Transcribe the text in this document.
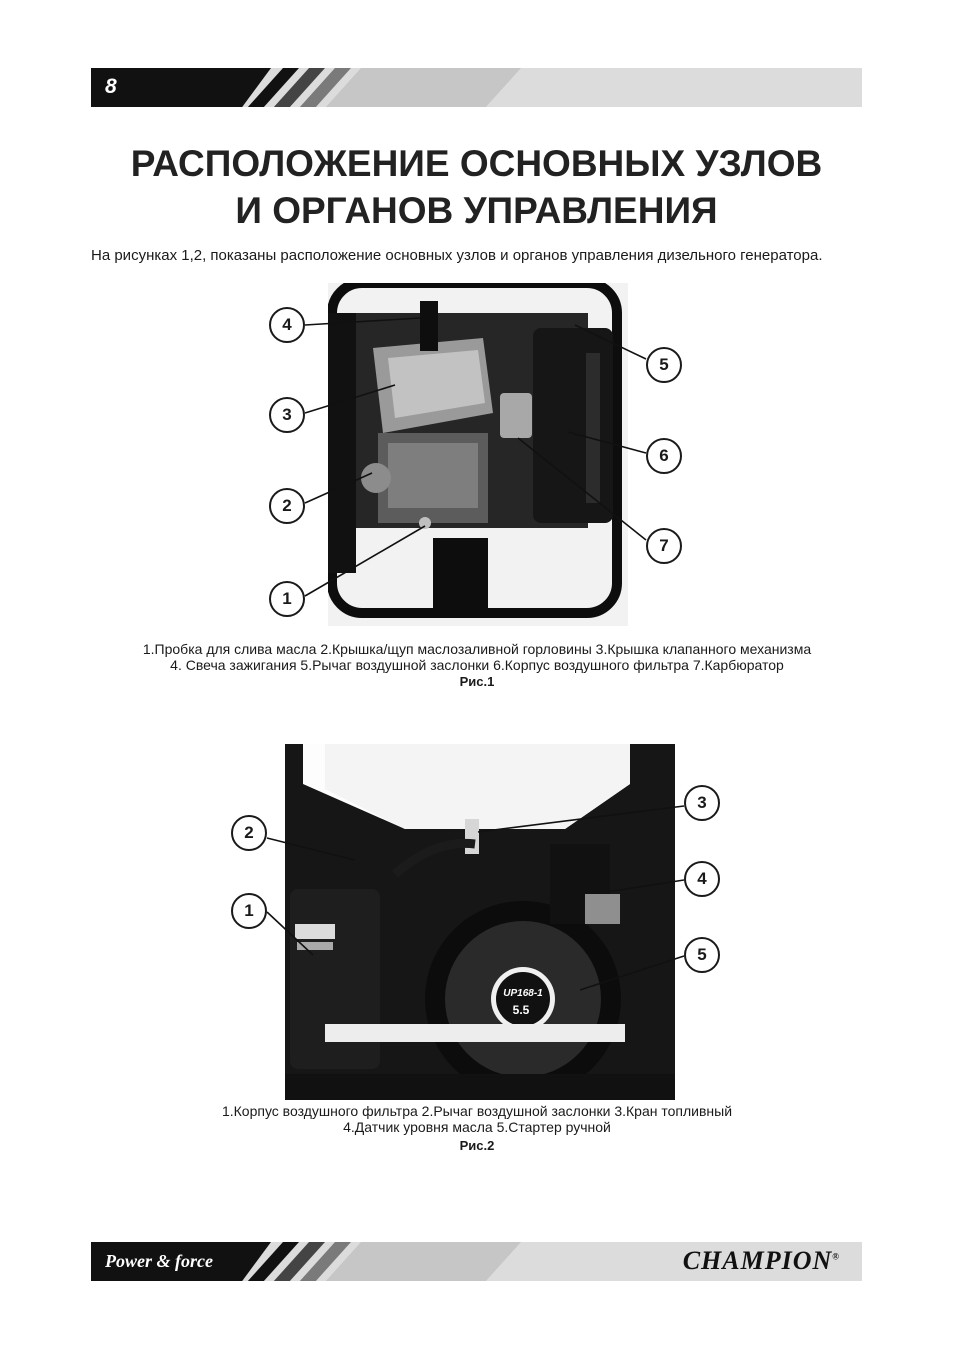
8
РАСПОЛОЖЕНИЕ ОСНОВНЫХ УЗЛОВ
И ОРГАНОВ УПРАВЛЕНИЯ

На рисунках 1,2, показаны расположение основных узлов и органов управления дизельного генератора.

4
3
2
1
5
6
7

1.Пробка для слива масла 2.Крышка/щуп маслозаливной горловины 3.Крышка клапанного механизма

4. Свеча зажигания 5.Рычаг воздушной заслонки 6.Корпус воздушного фильтра 7.Карбюратор

Рис.1

UP168-1
5.5
2
1
3
4
5

1.Корпус воздушного фильтра 2.Рычаг воздушной заслонки 3.Кран топливный

4.Датчик уровня масла 5.Стартер ручной

Рис.2

Power & force	CHAMPION®
